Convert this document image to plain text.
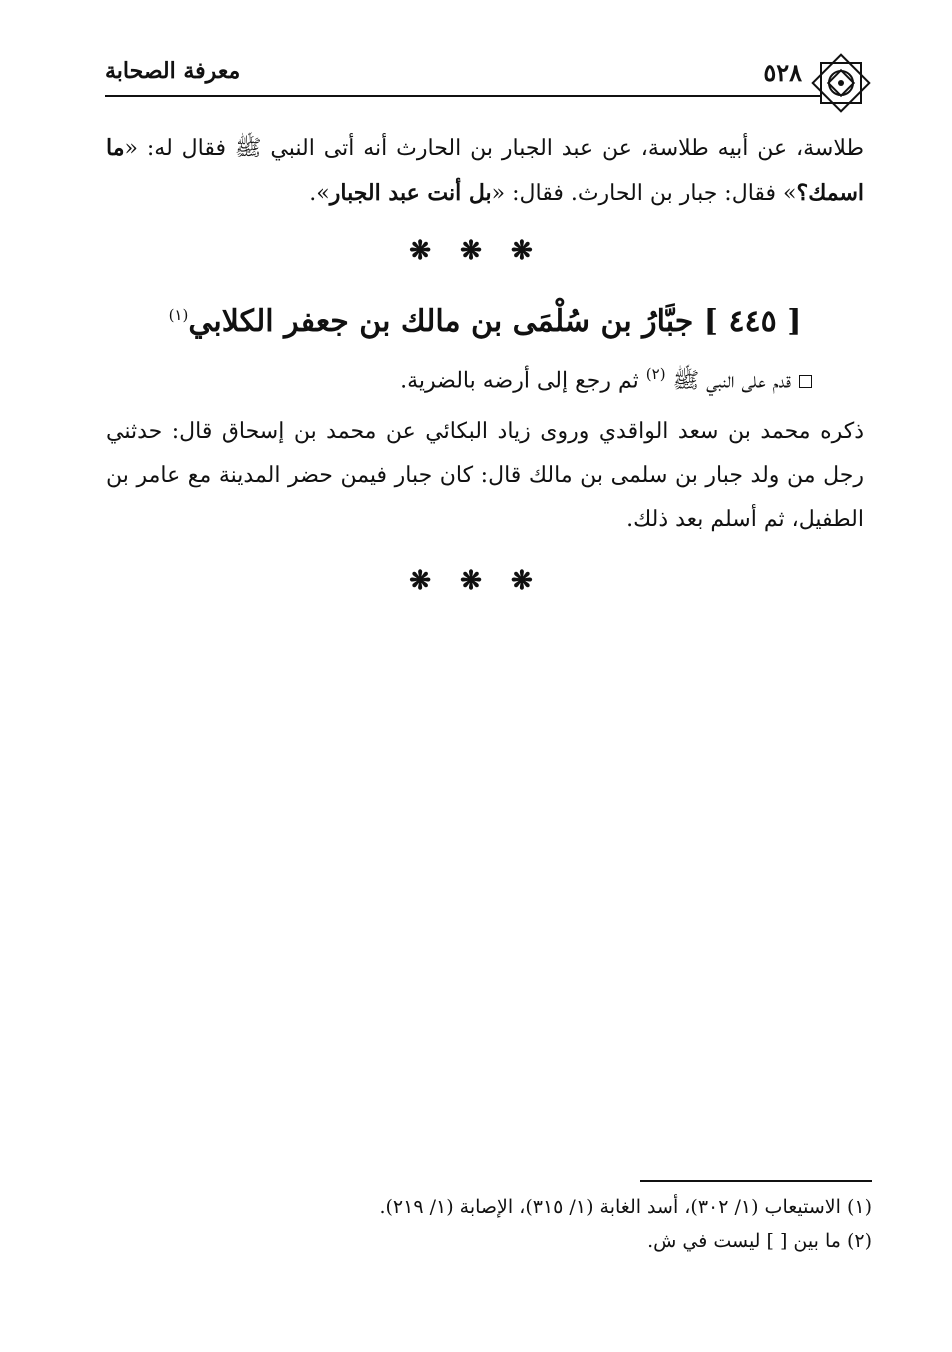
٥٢٨
معرفة الصحابة
طلاسة، عن أبيه طلاسة، عن عبد الجبار بن الحارث أنه أتى النبي ﷺ فقال له: «ما اسمك؟» فقال: جبار بن الحارث. فقال: «بل أنت عبد الجبار».
❋ ❋ ❋
[ ٤٤٥ ] جبَّارُ بن سُلْمَى بن مالك بن جعفر الكلابي$^{(١)}$
قدم على النبي ﷺ $^{(٢)}$ ثم رجع إلى أرضه بالضرية.
ذكره محمد بن سعد الواقدي وروى زياد البكائي عن محمد بن إسحاق قال: حدثني رجل من ولد جبار بن سلمى بن مالك قال: كان جبار فيمن حضر المدينة مع عامر بن الطفيل، ثم أسلم بعد ذلك.
❋ ❋ ❋
(١) الاستيعاب (١/ ٣٠٢)، أسد الغابة (١/ ٣١٥)، الإصابة (١/ ٢١٩).
(٢) ما بين [ ] ليست في ش.
